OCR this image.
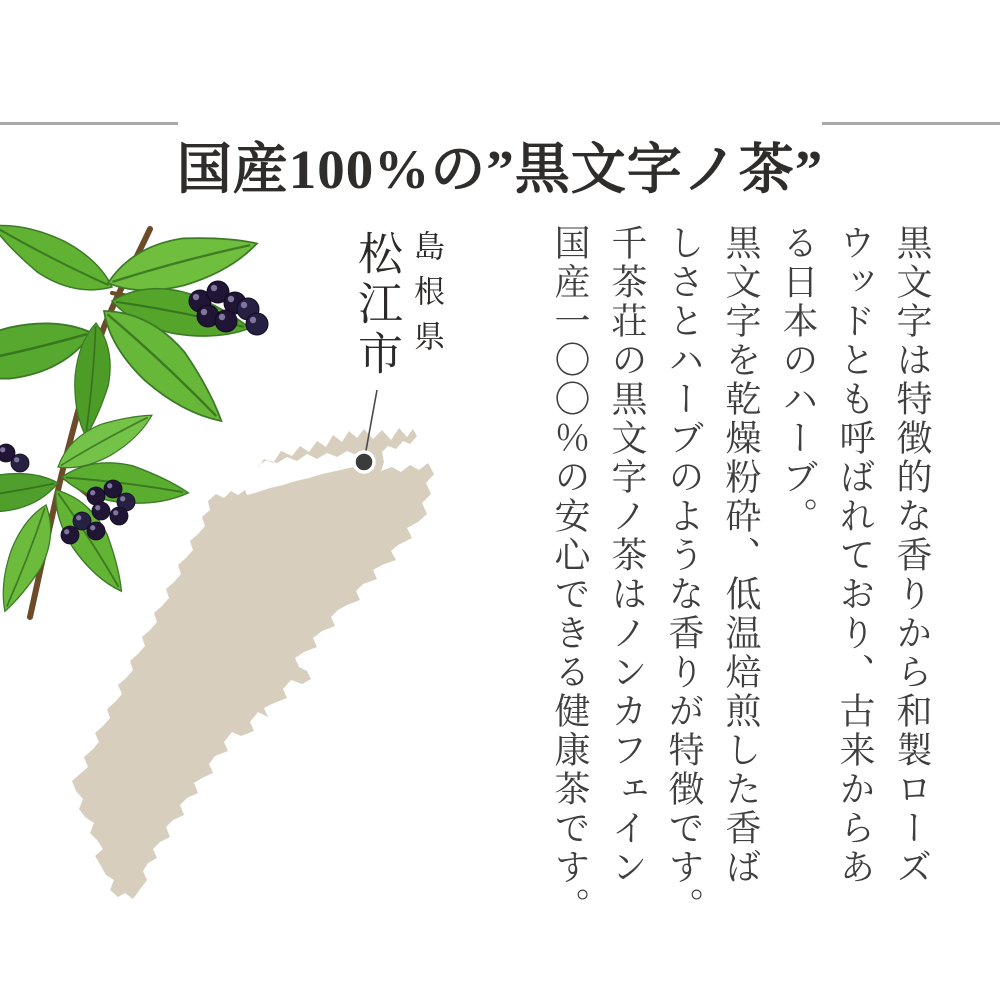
国産100%の”黒文字ノ茶”
島根県
松江市	黒文字は特徴的な香りから和製ローズ
ウッドとも呼ばれており、古来からあ
る日本のハーブ。
黒文字を乾燥粉砕、低温焙煎した香ば
しさとハーブのような香りが特徴です。
千茶荘の黒文字ノ茶はノンカフェイン
国産一〇〇％の安心できる健康茶です。
